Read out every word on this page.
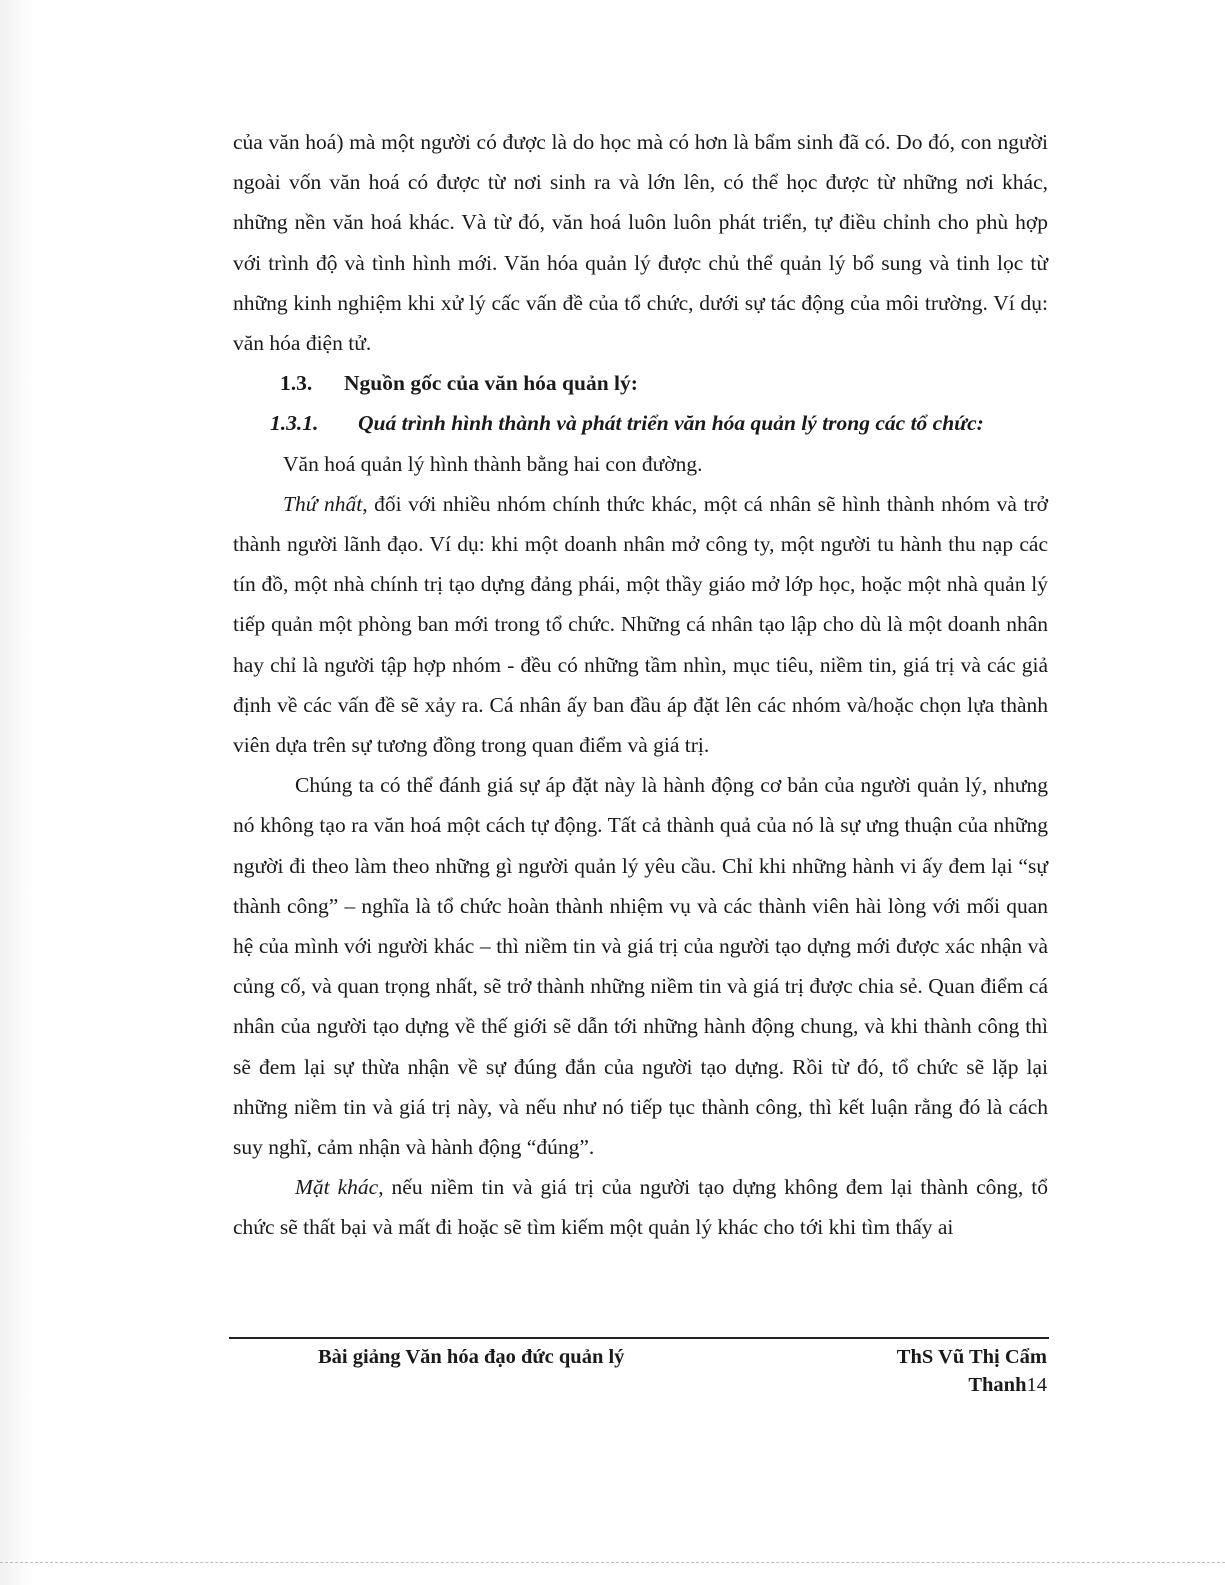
của văn hoá) mà một người có được là do học mà có hơn là bẩm sinh đã có. Do đó, con người ngoài vốn văn hoá có được từ nơi sinh ra và lớn lên, có thể học được từ những nơi khác, những nền văn hoá khác. Và từ đó, văn hoá luôn luôn phát triển, tự điều chỉnh cho phù hợp với trình độ và tình hình mới. Văn hóa quản lý được chủ thể quản lý bổ sung và tinh lọc từ những kinh nghiệm khi xử lý cấc vấn đề của tổ chức, dưới sự tác động của môi trường. Ví dụ: văn hóa điện tử.

1.3. Nguồn gốc của văn hóa quản lý:
1.3.1. Quá trình hình thành và phát triển văn hóa quản lý trong các tổ chức:

Văn hoá quản lý hình thành bằng hai con đường.

Thứ nhất, đối với nhiều nhóm chính thức khác, một cá nhân sẽ hình thành nhóm và trở thành người lãnh đạo. Ví dụ: khi một doanh nhân mở công ty, một người tu hành thu nạp các tín đồ, một nhà chính trị tạo dựng đảng phái, một thầy giáo mở lớp học, hoặc một nhà quản lý tiếp quản một phòng ban mới trong tổ chức. Những cá nhân tạo lập cho dù là một doanh nhân hay chỉ là người tập hợp nhóm - đều có những tầm nhìn, mục tiêu, niềm tin, giá trị và các giả định về các vấn đề sẽ xảy ra. Cá nhân ấy ban đầu áp đặt lên các nhóm và/hoặc chọn lựa thành viên dựa trên sự tương đồng trong quan điểm và giá trị.

Chúng ta có thể đánh giá sự áp đặt này là hành động cơ bản của người quản lý, nhưng nó không tạo ra văn hoá một cách tự động. Tất cả thành quả của nó là sự ưng thuận của những người đi theo làm theo những gì người quản lý yêu cầu. Chỉ khi những hành vi ấy đem lại “sự thành công” – nghĩa là tổ chức hoàn thành nhiệm vụ và các thành viên hài lòng với mối quan hệ của mình với người khác – thì niềm tin và giá trị của người tạo dựng mới được xác nhận và củng cố, và quan trọng nhất, sẽ trở thành những niềm tin và giá trị được chia sẻ. Quan điểm cá nhân của người tạo dựng về thế giới sẽ dẫn tới những hành động chung, và khi thành công thì sẽ đem lại sự thừa nhận về sự đúng đắn của người tạo dựng. Rồi từ đó, tổ chức sẽ lặp lại những niềm tin và giá trị này, và nếu như nó tiếp tục thành công, thì kết luận rằng đó là cách suy nghĩ, cảm nhận và hành động “đúng”.

Mặt khác, nếu niềm tin và giá trị của người tạo dựng không đem lại thành công, tổ chức sẽ thất bại và mất đi hoặc sẽ tìm kiếm một quản lý khác cho tới khi tìm thấy ai

Bài giảng Văn hóa đạo đức quản lý	ThS Vũ Thị Cẩm
Thanh14
